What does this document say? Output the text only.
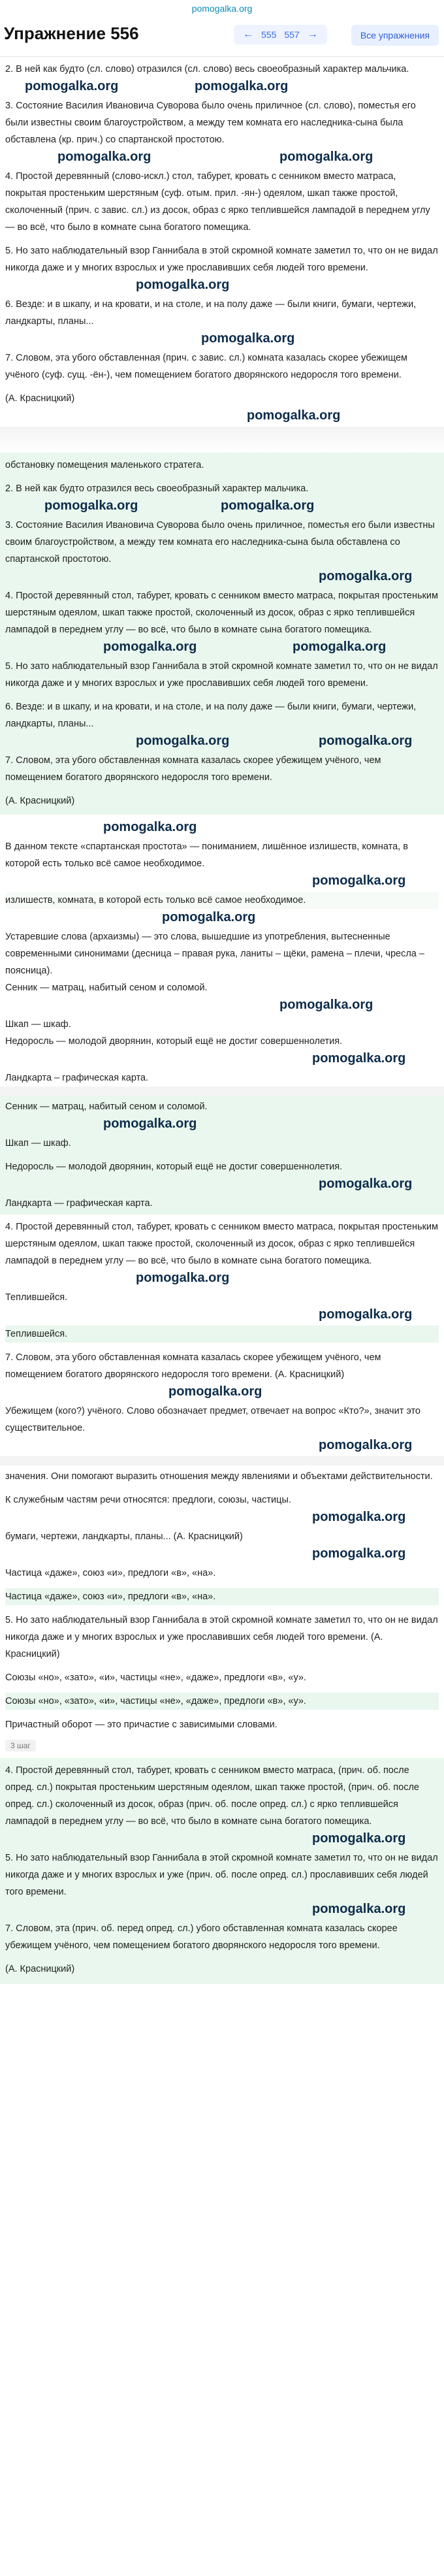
pomogalka.org
Упражнение 556	← 555 557 →	Все упражнения

2. В ней как будто (сл. слово) отразился (сл. слово) весь своеобразный характер мальчика.

pomogalka.org	pomogalka.org

3. Состояние Василия Ивановича Суворова было очень приличное (сл. слово), поместья его были известны своим благоустройством, а между тем комната его наследника-сына была обставлена (кр. прич.) со спартанской простотою.

pomogalka.org	pomogalka.org

4. Простой деревянный (слово-искл.) стол, табурет, кровать с сенником вместо матраса, покрытая простеньким шерстяным (суф. отым. прил. -ян-) одеялом, шкап также простой, сколоченный (прич. с завис. сл.) из досок, образ с ярко теплившейся лампадой в переднем углу — во всё, что было в комнате сына богатого помещика.

5. Но зато наблюдательный взор Ганнибала в этой скромной комнате заметил то, что он не видал никогда даже и у многих взрослых и уже прославивших себя людей того времени.

pomogalka.org

6. Везде: и в шкапу, и на кровати, и на столе, и на полу даже — были книги, бумаги, чертежи, ландкарты, планы...

pomogalka.org

7. Словом, эта убого обставленная (прич. с завис. сл.) комната казалась скорее убежищем учёного (суф. сущ. -ён-), чем помещением богатого дворянского недоросля того времени.

(А. Красницкий)

pomogalka.org

обстановку помещения маленького стратега.

2. В ней как будто отразился весь своеобразный характер мальчика.

pomogalka.org	pomogalka.org

3. Состояние Василия Ивановича Суворова было очень приличное, поместья его были известны своим благоустройством, а между тем комната его наследника-сына была обставлена со спартанской простотою.

pomogalka.org

4. Простой деревянный стол, табурет, кровать с сенником вместо матраса, покрытая простеньким шерстяным одеялом, шкап также простой, сколоченный из досок, образ с ярко теплившейся лампадой в переднем углу — во всё, что было в комнате сына богатого помещика.

pomogalka.org	pomogalka.org

5. Но зато наблюдательный взор Ганнибала в этой скромной комнате заметил то, что он не видал никогда даже и у многих взрослых и уже прославивших себя людей того времени.

6. Везде: и в шкапу, и на кровати, и на столе, и на полу даже — были книги, бумаги, чертежи, ландкарты, планы...

pomogalka.org	pomogalka.org

7. Словом, эта убого обставленная комната казалась скорее убежищем учёного, чем помещением богатого дворянского недоросля того времени.

(А. Красницкий)

pomogalka.org

В данном тексте «спартанская простота» — пониманием, лишённое излишеств, комната, в которой есть только всё самое необходимое.

pomogalka.org

излишеств, комната, в которой есть только всё самое необходимое.

pomogalka.org

Устаревшие слова (архаизмы) — это слова, вышедшие из употребления, вытесненные современными синонимами (десница – правая рука, ланиты – щёки, рамена – плечи, чресла – поясница).

Сенник — матрац, набитый сеном и соломой.

pomogalka.org

Шкап — шкаф.

Недоросль — молодой дворянин, который ещё не достиг совершеннолетия.

pomogalka.org

Ландкарта – графическая карта.

Сенник — матрац, набитый сеном и соломой.

pomogalka.org

Шкап — шкаф.

Недоросль — молодой дворянин, который ещё не достиг совершеннолетия.

pomogalka.org

Ландкарта — графическая карта.

4. Простой деревянный стол, табурет, кровать с сенником вместо матраса, покрытая простеньким шерстяным одеялом, шкап также простой, сколоченный из досок, образ с ярко теплившейся лампадой в переднем углу — во всё, что было в комнате сына богатого помещика.

pomogalka.org

Теплившейся.

pomogalka.org

Теплившейся.

7. Словом, эта убого обставленная комната казалась скорее убежищем учёного, чем помещением богатого дворянского недоросля того времени. (А. Красницкий)

pomogalka.org

Убежищем (кого?) учёного. Слово обозначает предмет, отвечает на вопрос «Кто?», значит это существительное.

pomogalka.org

значения. Они помогают выразить отношения между явлениями и объектами действительности.

К служебным частям речи относятся: предлоги, союзы, частицы.

pomogalka.org

бумаги, чертежи, ландкарты, планы... (А. Красницкий)

pomogalka.org

Частица «даже», союз «и», предлоги «в», «на».

Частица «даже», союз «и», предлоги «в», «на».

5. Но зато наблюдательный взор Ганнибала в этой скромной комнате заметил то, что он не видал никогда даже и у многих взрослых и уже прославивших себя людей того времени. (А. Красницкий)

Союзы «но», «зато», «и», частицы «не», «даже», предлоги «в», «у».

Союзы «но», «зато», «и», частицы «не», «даже», предлоги «в», «у».

Причастный оборот — это причастие с зависимыми словами.

3 шаг

4. Простой деревянный стол, табурет, кровать с сенником вместо матраса, (прич. об. после опред. сл.) покрытая простеньким шерстяным одеялом, шкап также простой, (прич. об. после опред. сл.) сколоченный из досок, образ (прич. об. после опред. сл.) с ярко теплившейся лампадой в переднем углу — во всё, что было в комнате сына богатого помещика.

pomogalka.org

5. Но зато наблюдательный взор Ганнибала в этой скромной комнате заметил то, что он не видал никогда даже и у многих взрослых и уже (прич. об. после опред. сл.) прославивших себя людей того времени.

pomogalka.org

7. Словом, эта (прич. об. перед опред. сл.) убого обставленная комната казалась скорее убежищем учёного, чем помещением богатого дворянского недоросля того времени.

(А. Красницкий)
